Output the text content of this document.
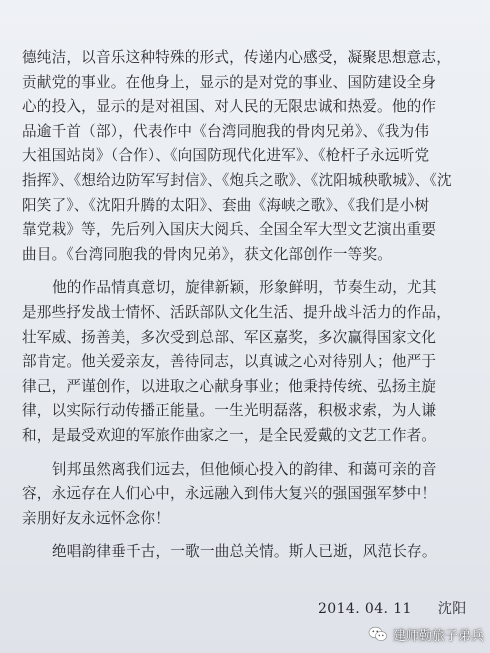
德纯洁，以音乐这种特殊的形式，传递内心感受，凝聚思想意志，
贡献党的事业。在他身上，显示的是对党的事业、国防建设全身
心的投入，显示的是对祖国、对人民的无限忠诚和热爱。他的作
品逾千首（部），代表作中《台湾同胞我的骨肉兄弟》、《我为伟
大祖国站岗》（合作）、《向国防现代化进军》、《枪杆子永远听党
指挥》、《想给边防军写封信》、《炮兵之歌》、《沈阳城秧歌城》、《沈
阳笑了》、《沈阳升腾的太阳》、套曲《海峡之歌》、《我们是小树
靠党栽》等，先后列入国庆大阅兵、全国全军大型文艺演出重要
曲目。《台湾同胞我的骨肉兄弟》，获文化部创作一等奖。
他的作品情真意切，旋律新颖，形象鲜明，节奏生动，尤其
是那些抒发战士情怀、活跃部队文化生活、提升战斗活力的作品，
壮军威、扬善美，多次受到总部、军区嘉奖，多次赢得国家文化
部肯定。他关爱亲友，善待同志，以真诚之心对待别人；他严于
律己，严谨创作，以进取之心献身事业；他秉持传统、弘扬主旋
律，以实际行动传播正能量。一生光明磊落，积极求索，为人谦
和，是最受欢迎的军旅作曲家之一，是全民爱戴的文艺工作者。
钊邦虽然离我们远去，但他倾心投入的韵律、和蔼可亲的音
容，永远存在人们心中，永远融入到伟大复兴的强国强军梦中！
亲朋好友永远怀念你！
绝唱韵律垂千古，一歌一曲总关情。斯人已逝，风范长存。
2014. 04. 11 沈阳
建师勤旅子弟兵
